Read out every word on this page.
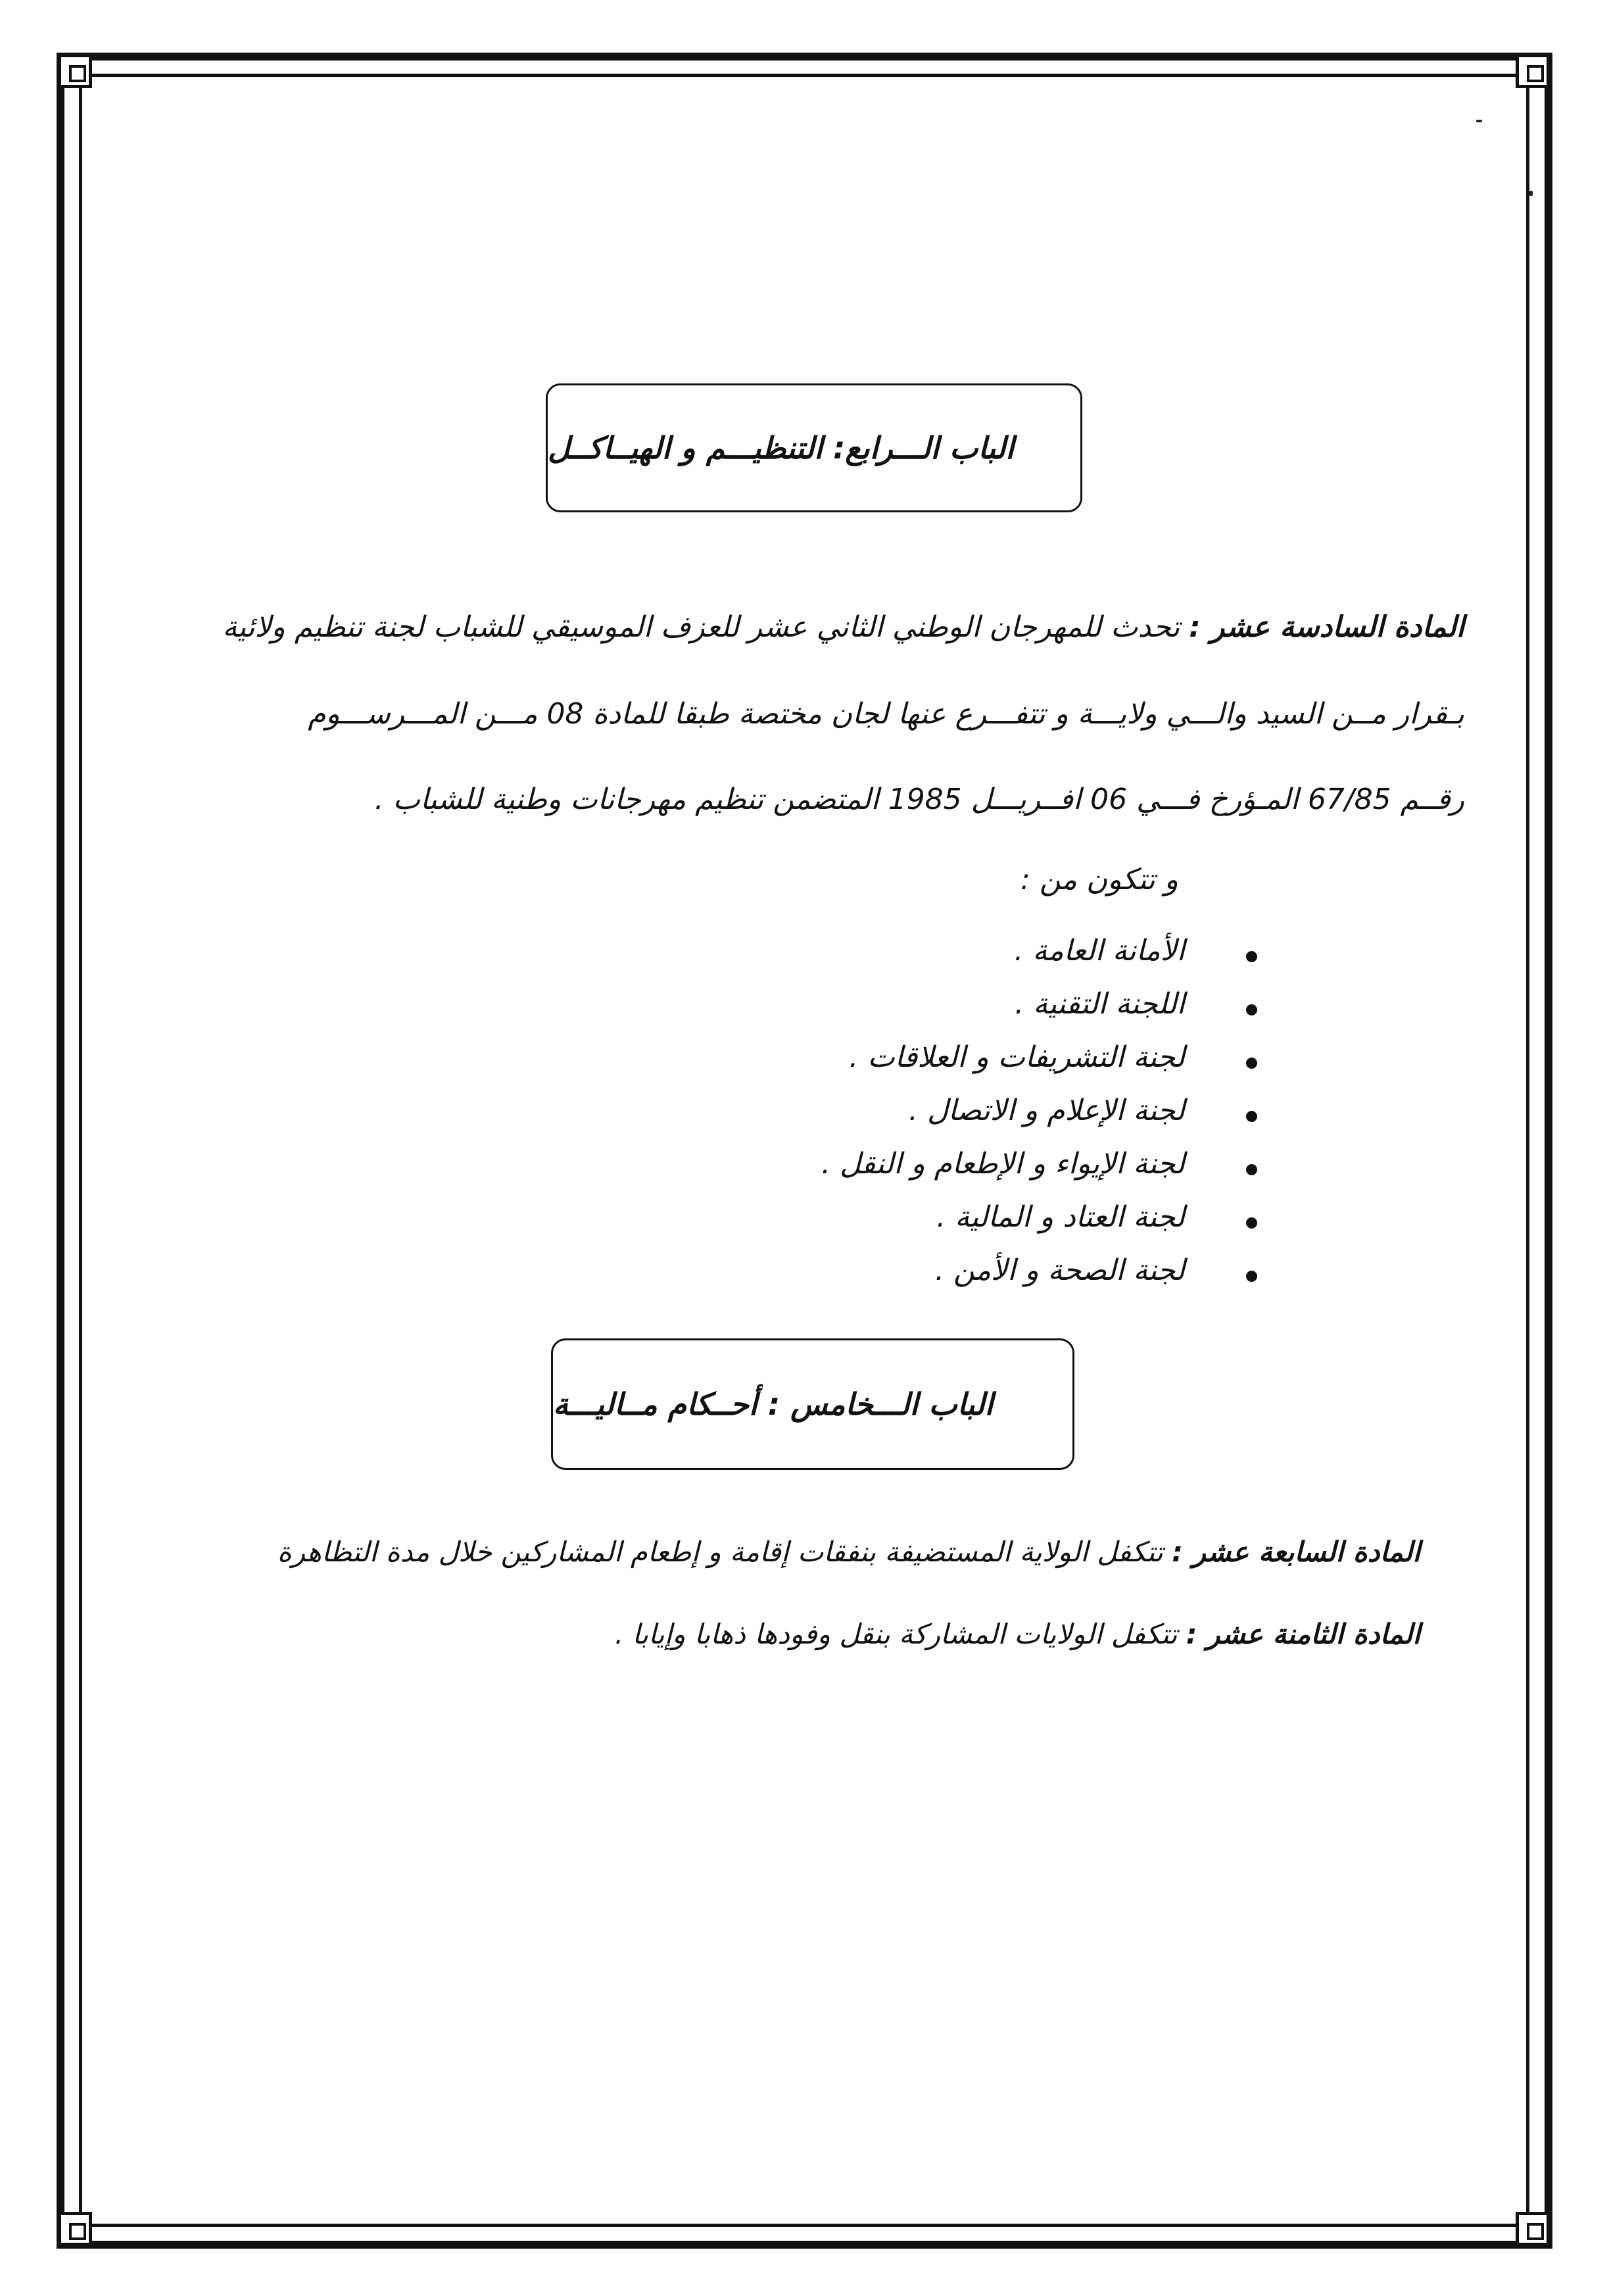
الباب الـــرابع: التنظيـــم و الهيــاكــل
المادة السادسة عشر : تحدث للمهرجان الوطني الثاني عشر للعزف الموسيقي للشباب لجنة تنظيم ولائية
بـقرار مــن السيد والـــي ولايـــة و تتفـــرع عنها لجان مختصة طبقا للمادة 08 مـــن المـــرســـوم
رقــم 67/85 المـؤرخ فـــي 06 افــريـــل 1985 المتضمن تنظيم مهرجانات وطنية للشباب .
و تتكون من :
الأمانة العامة .
اللجنة التقنية .
لجنة التشريفات و العلاقات .
لجنة الإعلام و الاتصال .
لجنة الإيواء و الإطعام و النقل .
لجنة العتاد و المالية .
لجنة الصحة و الأمن .
الباب الـــخامس : أحــكام مــاليـــة
المادة السابعة عشر : تتكفل الولاية المستضيفة بنفقات إقامة و إطعام المشاركين خلال مدة التظاهرة
المادة الثامنة عشر : تتكفل الولايات المشاركة بنقل وفودها ذهابا وإيابا .
